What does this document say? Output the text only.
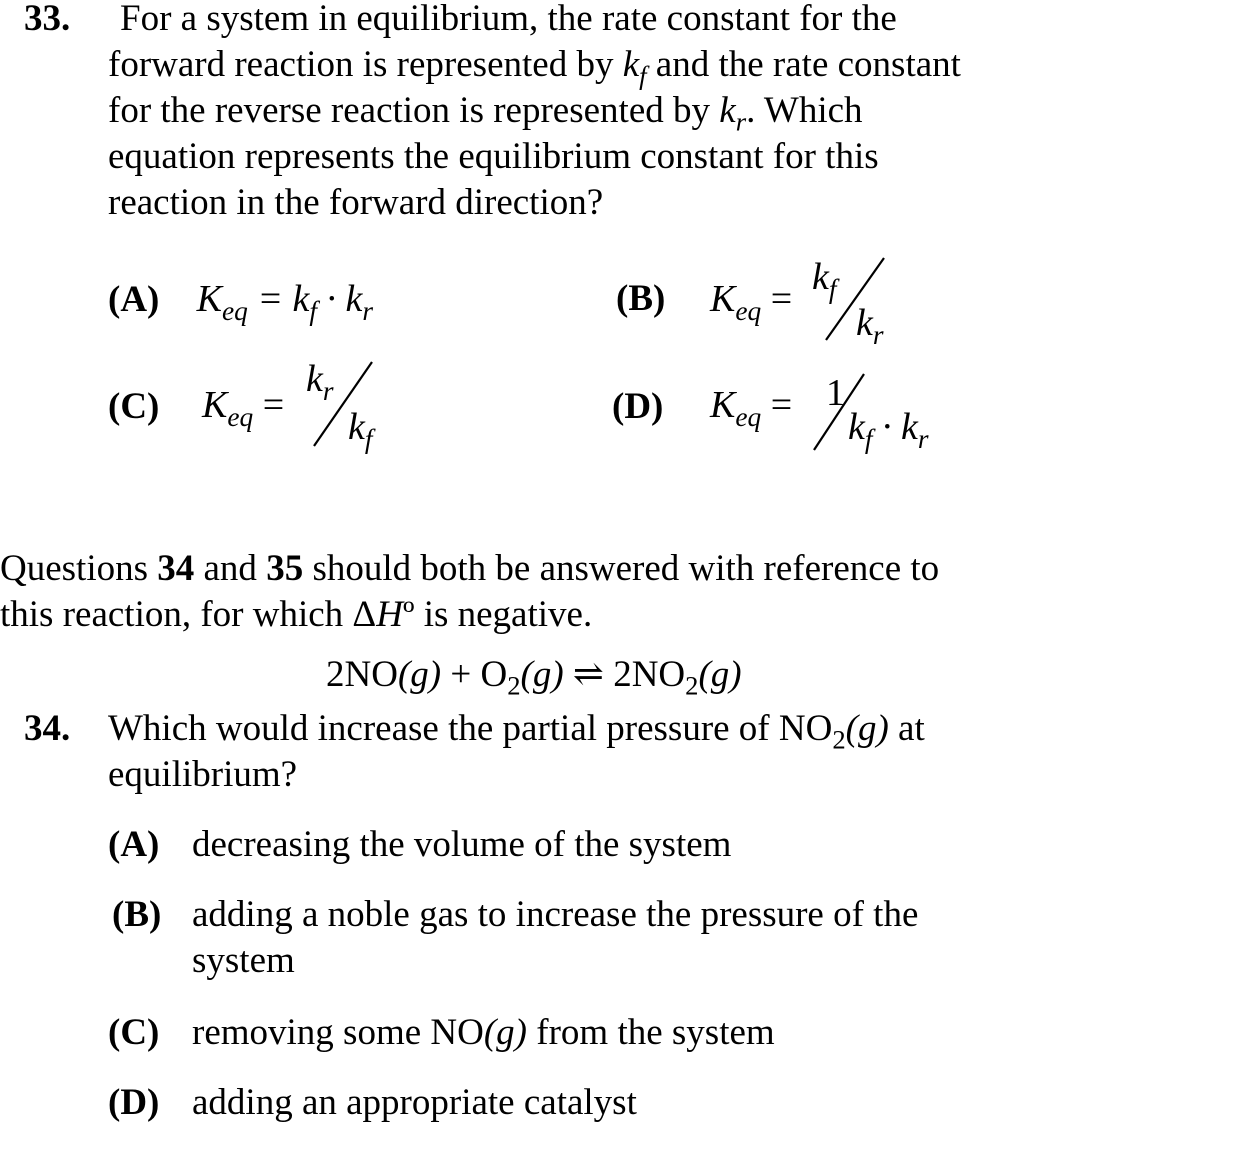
33. For a system in equilibrium, the rate constant for the
forward reaction is represented by $k_f$ and the rate constant
for the reverse reaction is represented by $k_r$. Which
equation represents the equilibrium constant for this
reaction in the forward direction?
(A) $K_{eq} = k_f \cdot k_r$	(B) $K_{eq}$ =
$k_f$
$k_r$
(C) $K_{eq}$ =
$k_r$
$k_f$
(D) $K_{eq} = 1$
$k_f \cdot k_r$
Questions 34 and 35 should both be answered with reference to
this reaction, for which ΔHº is negative.
$2NO(g) + O_2(g)$ ⇌ $2NO_2(g)$
34. Which would increase the partial pressure of $NO_2(g)$ at
equilibrium?
(A) decreasing the volume of the system
(B) adding a noble gas to increase the pressure of the
system
(C) removing some NO(g) from the system
(D) adding an appropriate catalyst
